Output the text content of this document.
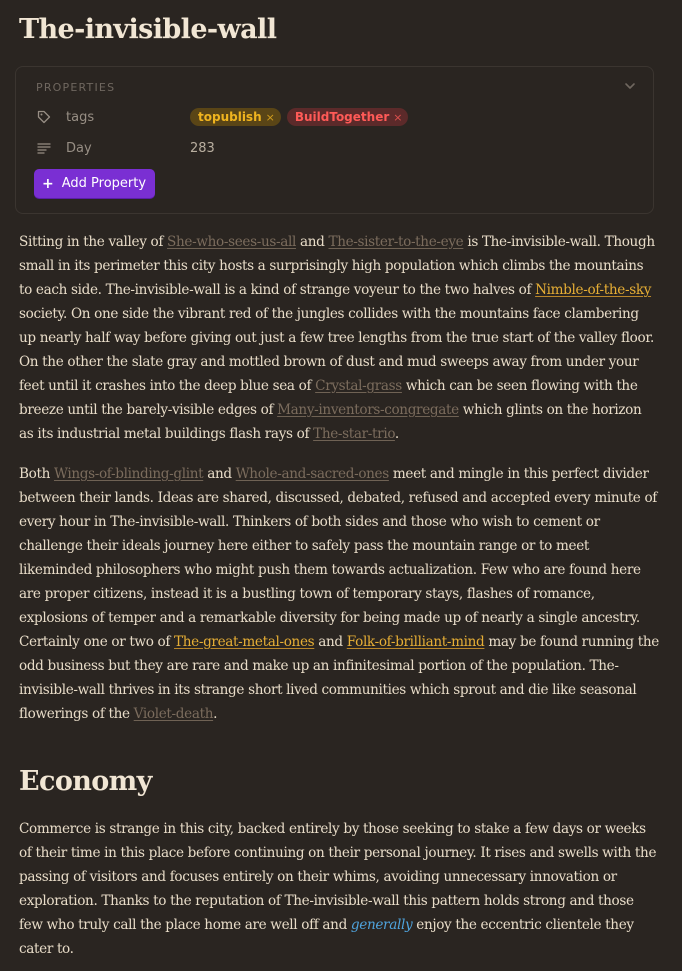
The-invisible-wall
PROPERTIES
tags	topublish × BuildTogether ×
Day	283
+ Add Property

Sitting in the valley of She-who-sees-us-all and The-sister-to-the-eye is The-invisible-wall. Though small in its perimeter this city hosts a surprisingly high population which climbs the mountains to each side. The-invisible-wall is a kind of strange voyeur to the two halves of Nimble-of-the-sky society. On one side the vibrant red of the jungles collides with the mountains face clambering up nearly half way before giving out just a few tree lengths from the true start of the valley floor. On the other the slate gray and mottled brown of dust and mud sweeps away from under your feet until it crashes into the deep blue sea of Crystal-grass which can be seen flowing with the breeze until the barely-visible edges of Many-inventors-congregate which glints on the horizon as its industrial metal buildings flash rays of The-star-trio.

Both Wings-of-blinding-glint and Whole-and-sacred-ones meet and mingle in this perfect divider between their lands. Ideas are shared, discussed, debated, refused and accepted every minute of every hour in The-invisible-wall. Thinkers of both sides and those who wish to cement or challenge their ideals journey here either to safely pass the mountain range or to meet likeminded philosophers who might push them towards actualization. Few who are found here are proper citizens, instead it is a bustling town of temporary stays, flashes of romance, explosions of temper and a remarkable diversity for being made up of nearly a single ancestry. Certainly one or two of The-great-metal-ones and Folk-of-brilliant-mind may be found running the odd business but they are rare and make up an infinitesimal portion of the population. The-invisible-wall thrives in its strange short lived communities which sprout and die like seasonal flowerings of the Violet-death.

Economy

Commerce is strange in this city, backed entirely by those seeking to stake a few days or weeks of their time in this place before continuing on their personal journey. It rises and swells with the passing of visitors and focuses entirely on their whims, avoiding unnecessary innovation or exploration. Thanks to the reputation of The-invisible-wall this pattern holds strong and those few who truly call the place home are well off and generally enjoy the eccentric clientele they cater to.
